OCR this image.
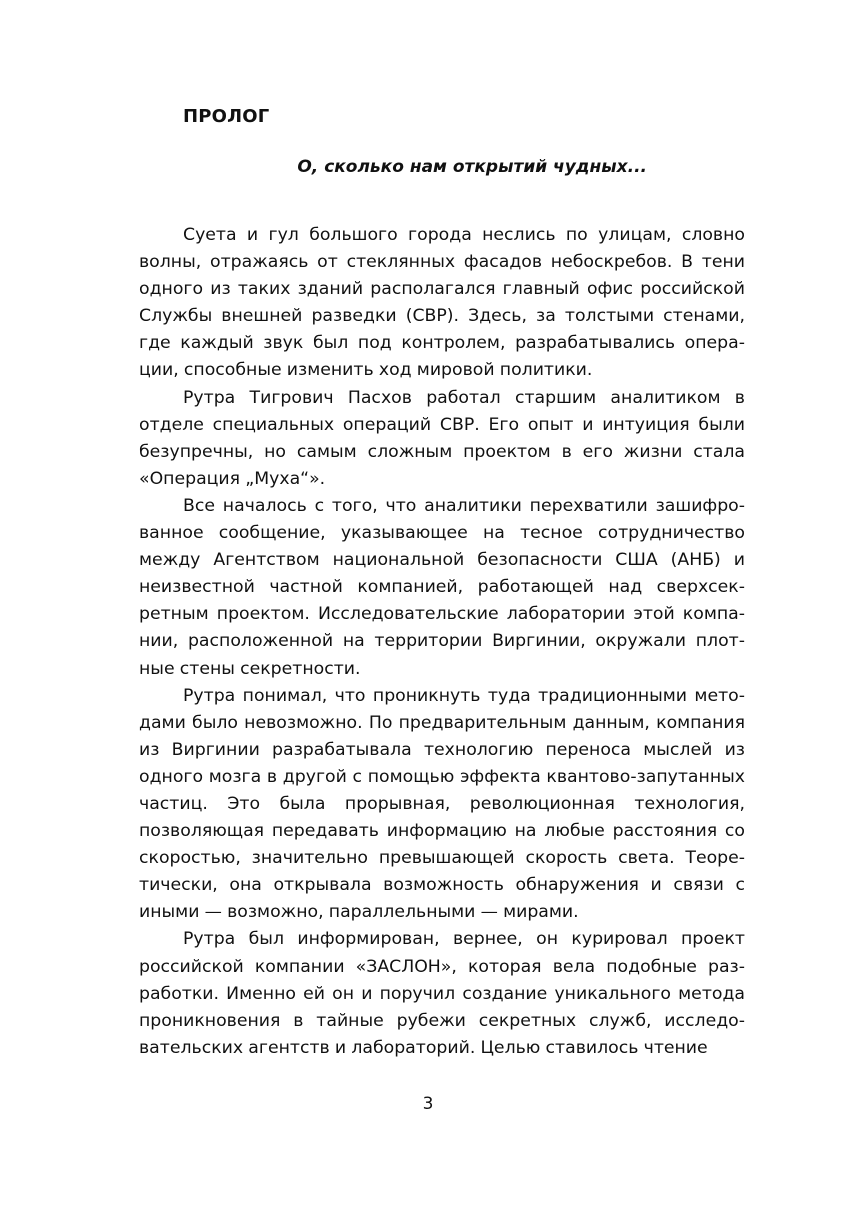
ПРОЛОГ

О, сколько нам открытий чудных...

Суета и гул большого города неслись по улицам, словно волны, отражаясь от стеклянных фасадов небоскребов. В тени одного из таких зданий располагался главный офис российской Службы внешней разведки (СВР). Здесь, за толстыми стенами, где каждый звук был под контролем, разрабатывались операции, способные изменить ход мировой политики.

Рутра Тигрович Пасхов работал старшим аналитиком в отделе специальных операций СВР. Его опыт и интуиция были безупречны, но самым сложным проектом в его жизни стала «Операция „Муха“».

Все началось с того, что аналитики перехватили зашифрованное сообщение, указывающее на тесное сотрудничество между Агентством национальной безопасности США (АНБ) и неизвестной частной компанией, работающей над сверхсекретным проектом. Исследовательские лаборатории этой компании, расположенной на территории Виргинии, окружали плотные стены секретности.

Рутра понимал, что проникнуть туда традиционными методами было невозможно. По предварительным данным, компания из Виргинии разрабатывала технологию переноса мыслей из одного мозга в другой с помощью эффекта квантово-запутанных частиц. Это была прорывная, революционная технология, позволяющая передавать информацию на любые расстояния со скоростью, значительно превышающей скорость света. Теоретически, она открывала возможность обнаружения и связи с иными — возможно, параллельными — мирами.

Рутра был информирован, вернее, он курировал проект российской компании «ЗАСЛОН», которая вела подобные разработки. Именно ей он и поручил создание уникального метода проникновения в тайные рубежи секретных служб, исследовательских агентств и лабораторий. Целью ставилось чтение

3
